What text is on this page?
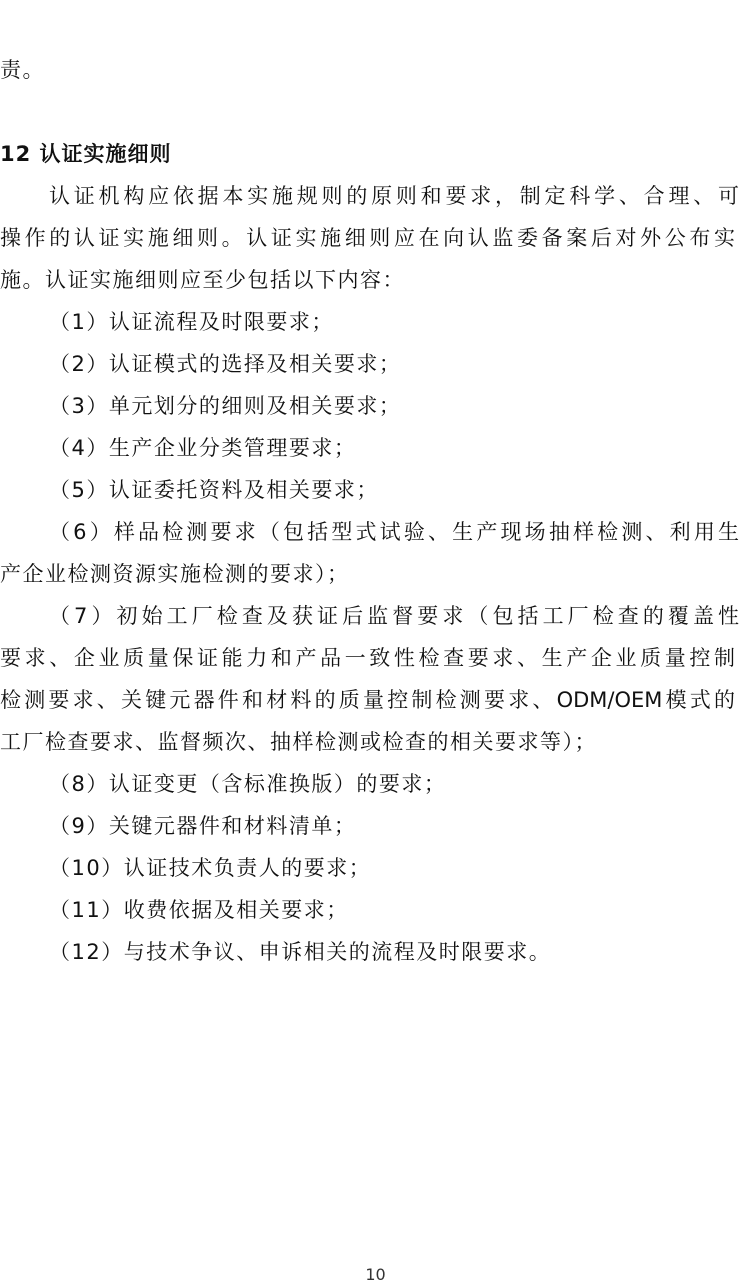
责。
12 认证实施细则
认证机构应依据本实施规则的原则和要求，制定科学、合理、可
操作的认证实施细则。认证实施细则应在向认监委备案后对外公布实
施。认证实施细则应至少包括以下内容：
（1）认证流程及时限要求；
（2）认证模式的选择及相关要求；
（3）单元划分的细则及相关要求；
（4）生产企业分类管理要求；
（5）认证委托资料及相关要求；
（6）样品检测要求（包括型式试验、生产现场抽样检测、利用生
产企业检测资源实施检测的要求）；
（7）初始工厂检查及获证后监督要求（包括工厂检查的覆盖性
要求、企业质量保证能力和产品一致性检查要求、生产企业质量控制
检测要求、关键元器件和材料的质量控制检测要求、ODM/OEM模式的
工厂检查要求、监督频次、抽样检测或检查的相关要求等）；
（8）认证变更（含标准换版）的要求；
（9）关键元器件和材料清单；
（10）认证技术负责人的要求；
（11）收费依据及相关要求；
（12）与技术争议、申诉相关的流程及时限要求。
10
